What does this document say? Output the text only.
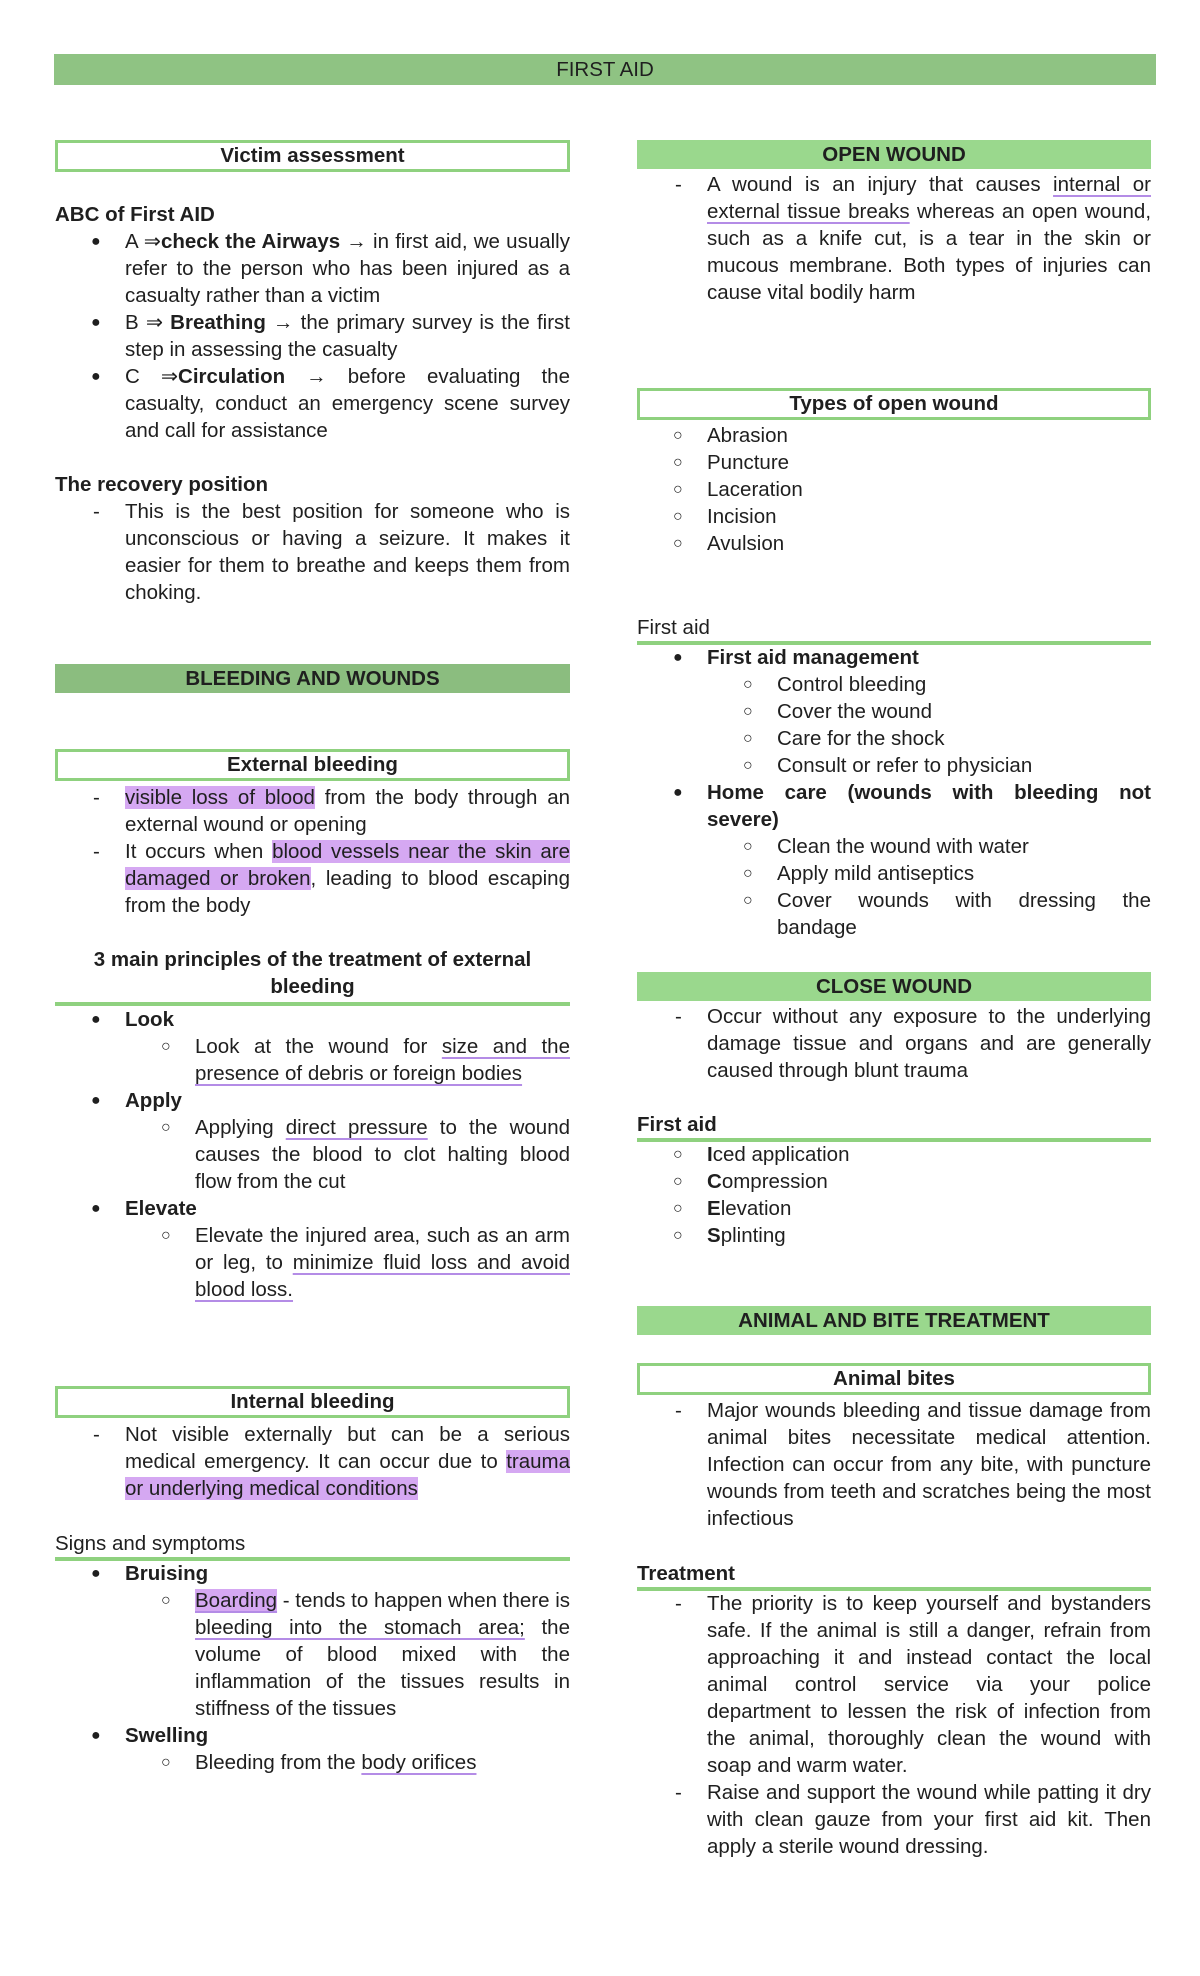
FIRST AID
Victim assessment
ABC of First AID
●	A ⇒check the Airways → in first aid, we usually refer to the person who has been injured as a casualty rather than a victim
●	B ⇒ Breathing → the primary survey is the first step in assessing the casualty
●	C ⇒Circulation → before evaluating the casualty, conduct an emergency scene survey and call for assistance
The recovery position
-	This is the best position for someone who is unconscious or having a seizure. It makes it easier for them to breathe and keeps them from choking.
BLEEDING AND WOUNDS
External bleeding
-	visible loss of blood from the body through an external wound or opening
-	It occurs when blood vessels near the skin are damaged or broken, leading to blood escaping from the body
3 main principles of the treatment of external bleeding
●	Look
○	Look at the wound for size and the presence of debris or foreign bodies
●	Apply
○	Applying direct pressure to the wound causes the blood to clot halting blood flow from the cut
●	Elevate
○	Elevate the injured area, such as an arm or leg, to minimize fluid loss and avoid blood loss.
Internal bleeding
-	Not visible externally but can be a serious medical emergency. It can occur due to trauma or underlying medical conditions
Signs and symptoms
●	Bruising
○	Boarding - tends to happen when there is bleeding into the stomach area; the volume of blood mixed with the inflammation of the tissues results in stiffness of the tissues
●	Swelling
○	Bleeding from the body orifices
OPEN WOUND
-	A wound is an injury that causes internal or external tissue breaks whereas an open wound, such as a knife cut, is a tear in the skin or mucous membrane. Both types of injuries can cause vital bodily harm
Types of open wound
○	Abrasion
○	Puncture
○	Laceration
○	Incision
○	Avulsion
First aid
●	First aid management
○	Control bleeding
○	Cover the wound
○	Care for the shock
○	Consult or refer to physician
●	Home care (wounds with bleeding not severe)
○	Clean the wound with water
○	Apply mild antiseptics
○	Cover wounds with dressing the bandage
CLOSE WOUND
-	Occur without any exposure to the underlying damage tissue and organs and are generally caused through blunt trauma
First aid
○	Iced application
○	Compression
○	Elevation
○	Splinting
ANIMAL AND BITE TREATMENT
Animal bites
-	Major wounds bleeding and tissue damage from animal bites necessitate medical attention. Infection can occur from any bite, with puncture wounds from teeth and scratches being the most infectious
Treatment
-	The priority is to keep yourself and bystanders safe. If the animal is still a danger, refrain from approaching it and instead contact the local animal control service via your police department to lessen the risk of infection from the animal, thoroughly clean the wound with soap and warm water.
-	Raise and support the wound while patting it dry with clean gauze from your first aid kit. Then apply a sterile wound dressing.
